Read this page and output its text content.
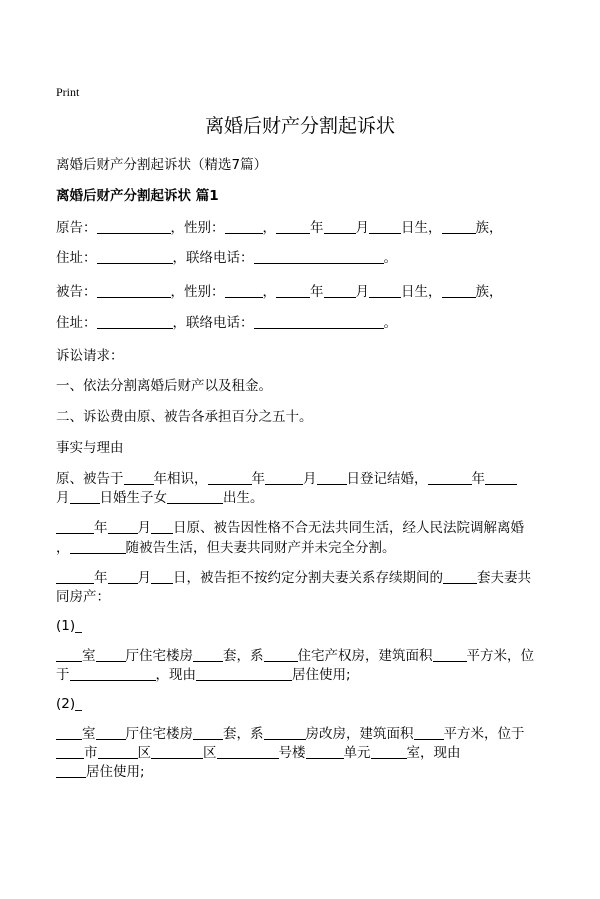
Print
离婚后财产分割起诉状
离婚后财产分割起诉状（精选7篇）
离婚后财产分割起诉状 篇1
原告：	，性别：	，	年 月 日生，	族，
住址：	，联络电话：	。
被告：	，性别：	，	年 月 日生，	族，
住址：	，联络电话：	。
诉讼请求：
一、依法分割离婚后财产以及租金。
二、诉讼费由原、被告各承担百分之五十。
事实与理由
原、被告于 年相识，	年	月 日登记结婚，	年
月 日婚生子女	出生。
年 月 日原、被告因性格不合无法共同生活，经人民法院调解离婚
，	随被告生活，但夫妻共同财产并未完全分割。
年 月 日，被告拒不按约定分割夫妻关系存续期间的	套夫妻共
同房产：
(1)_
室 厅住宅楼房 套，系	住宅产权房，建筑面积	平方米，位
于	，现由	居住使用;
(2)_
室 厅住宅楼房 套，系	房改房，建筑面积 平方米，位于
市	区	区	号楼	单元	室，现由
居住使用;
